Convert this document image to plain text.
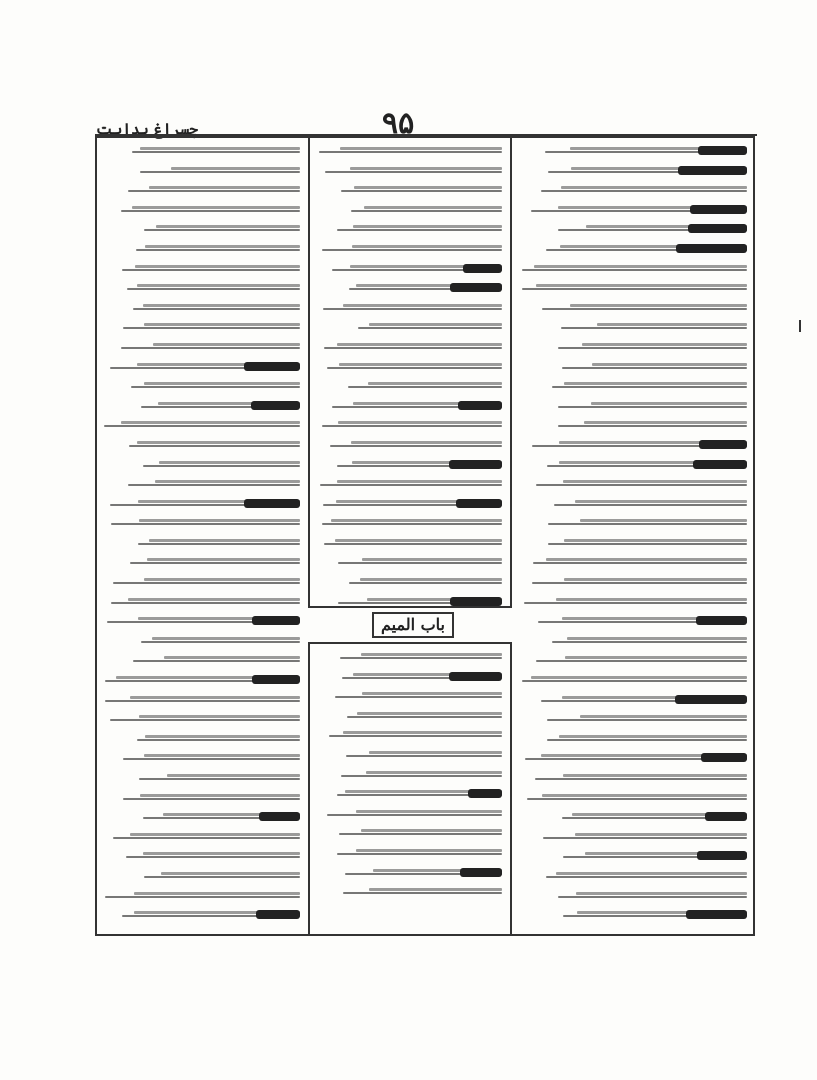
چسراغ ہدایت	۹۵
باب المیم
